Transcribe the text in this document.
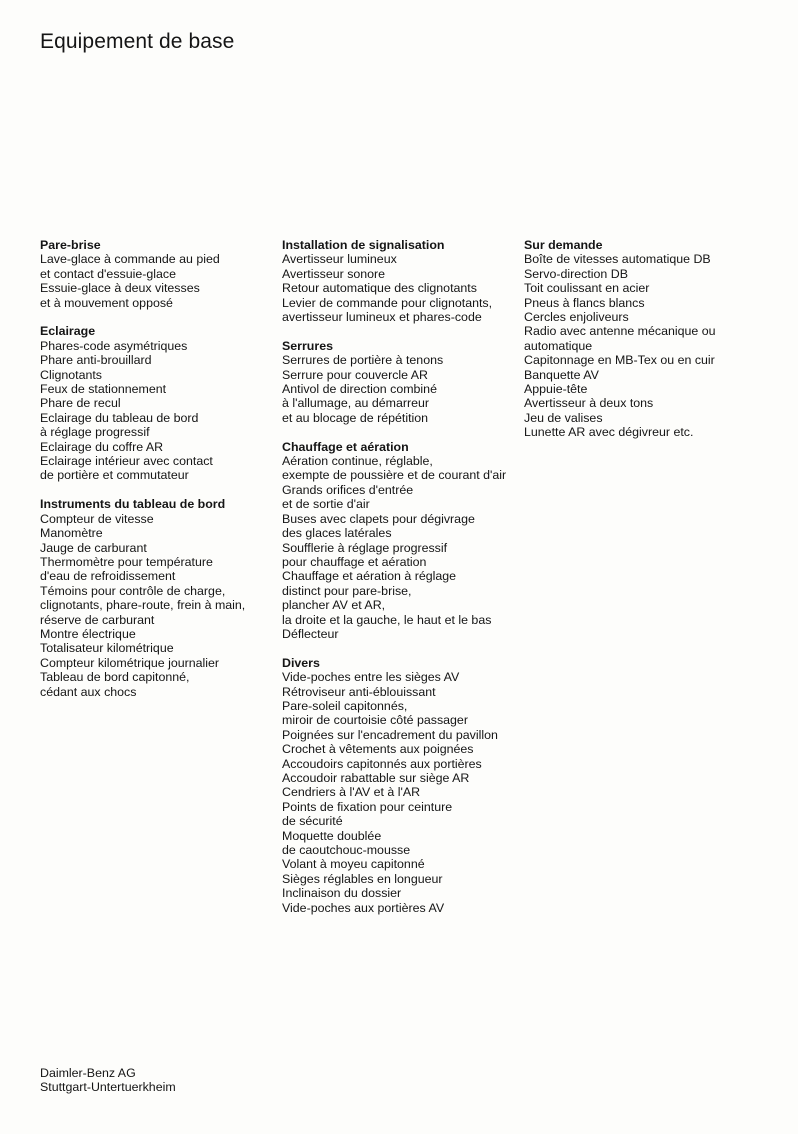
Equipement de base
Pare-brise
Lave-glace à commande au pied
et contact d'essuie-glace
Essuie-glace à deux vitesses
et à mouvement opposé
Eclairage
Phares-code asymétriques
Phare anti-brouillard
Clignotants
Feux de stationnement
Phare de recul
Eclairage du tableau de bord
à réglage progressif
Eclairage du coffre AR
Eclairage intérieur avec contact
de portière et commutateur
Instruments du tableau de bord
Compteur de vitesse
Manomètre
Jauge de carburant
Thermomètre pour température
d'eau de refroidissement
Témoins pour contrôle de charge,
clignotants, phare-route, frein à main,
réserve de carburant
Montre électrique
Totalisateur kilométrique
Compteur kilométrique journalier
Tableau de bord capitonné,
cédant aux chocs
Installation de signalisation
Avertisseur lumineux
Avertisseur sonore
Retour automatique des clignotants
Levier de commande pour clignotants,
avertisseur lumineux et phares-code
Serrures
Serrures de portière à tenons
Serrure pour couvercle AR
Antivol de direction combiné
à l'allumage, au démarreur
et au blocage de répétition
Chauffage et aération
Aération continue, réglable,
exempte de poussière et de courant d'air
Grands orifices d'entrée
et de sortie d'air
Buses avec clapets pour dégivrage
des glaces latérales
Soufflerie à réglage progressif
pour chauffage et aération
Chauffage et aération à réglage
distinct pour pare-brise,
plancher AV et AR,
la droite et la gauche, le haut et le bas
Déflecteur
Divers
Vide-poches entre les sièges AV
Rétroviseur anti-éblouissant
Pare-soleil capitonnés,
miroir de courtoisie côté passager
Poignées sur l'encadrement du pavillon
Crochet à vêtements aux poignées
Accoudoirs capitonnés aux portières
Accoudoir rabattable sur siège AR
Cendriers à l'AV et à l'AR
Points de fixation pour ceinture
de sécurité
Moquette doublée
de caoutchouc-mousse
Volant à moyeu capitonné
Sièges réglables en longueur
Inclinaison du dossier
Vide-poches aux portières AV
Sur demande
Boîte de vitesses automatique DB
Servo-direction DB
Toit coulissant en acier
Pneus à flancs blancs
Cercles enjoliveurs
Radio avec antenne mécanique ou
automatique
Capitonnage en MB-Tex ou en cuir
Banquette AV
Appuie-tête
Avertisseur à deux tons
Jeu de valises
Lunette AR avec dégivreur etc.
Daimler-Benz AG
Stuttgart-Untertuerkheim
